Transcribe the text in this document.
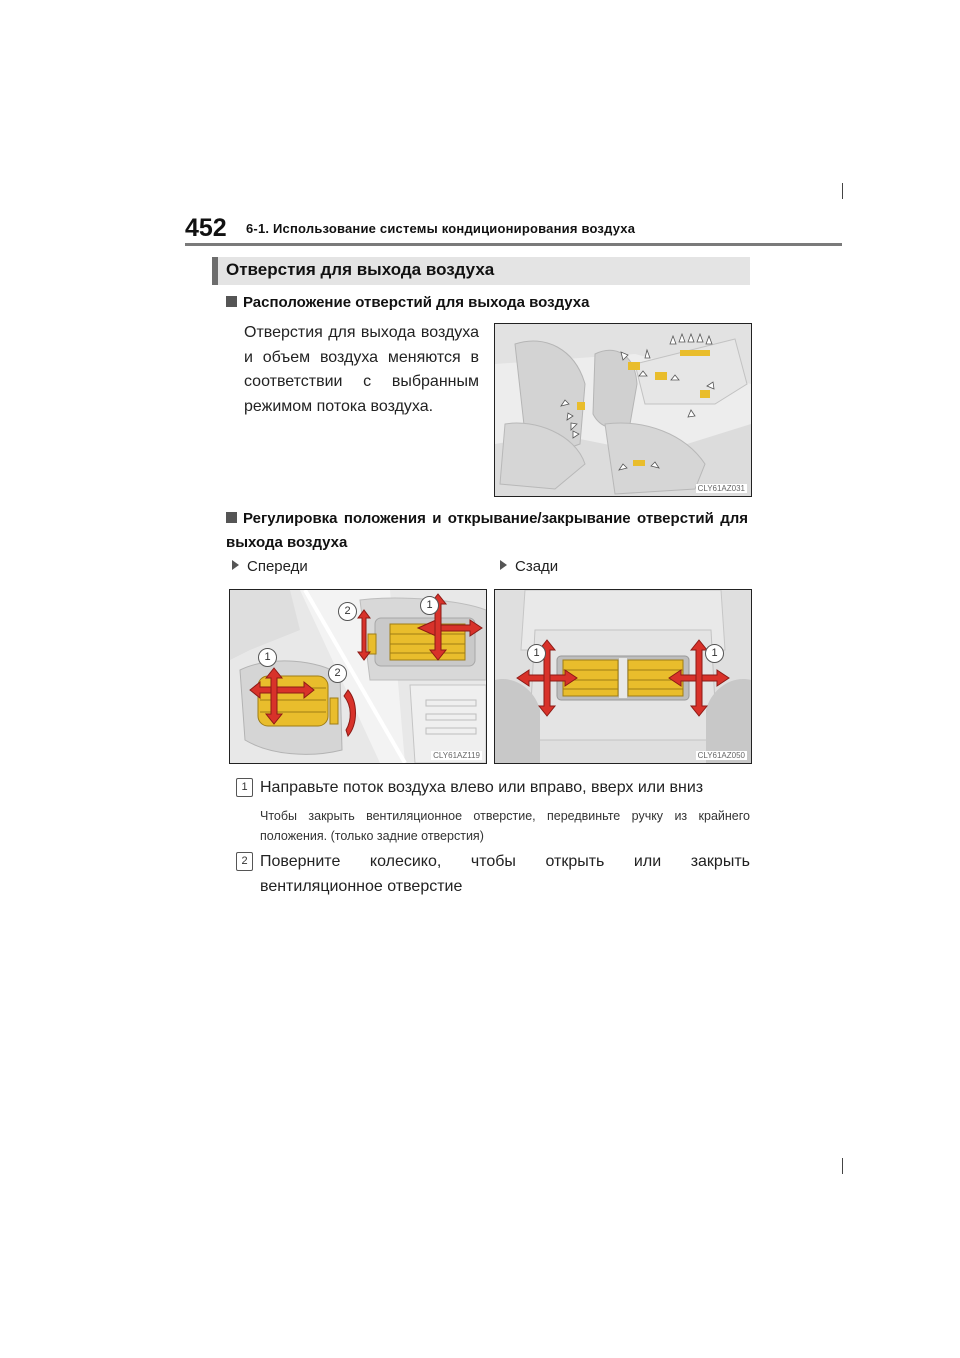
452 6-1. Использование системы кондиционирования воздуха
Отверстия для выхода воздуха
Расположение отверстий для выхода воздуха
Отверстия для выхода воздуха и объем воздуха меняются в соответствии с выбранным режимом потока воздуха.
CLY61AZ031
Регулировка положения и открывание/закрывание отверстий для выхода воздуха
Спереди	Сзади
1
2
1
2
CLY61AZ119
1	1
CLY61AZ050
1 Направьте поток воздуха влево или вправо, вверх или вниз
Чтобы закрыть вентиляционное отверстие, передвиньте ручку из крайнего положения. (только задние отверстия)
2 Поверните колесико, чтобы открыть или закрыть вентиляционное отверстие
